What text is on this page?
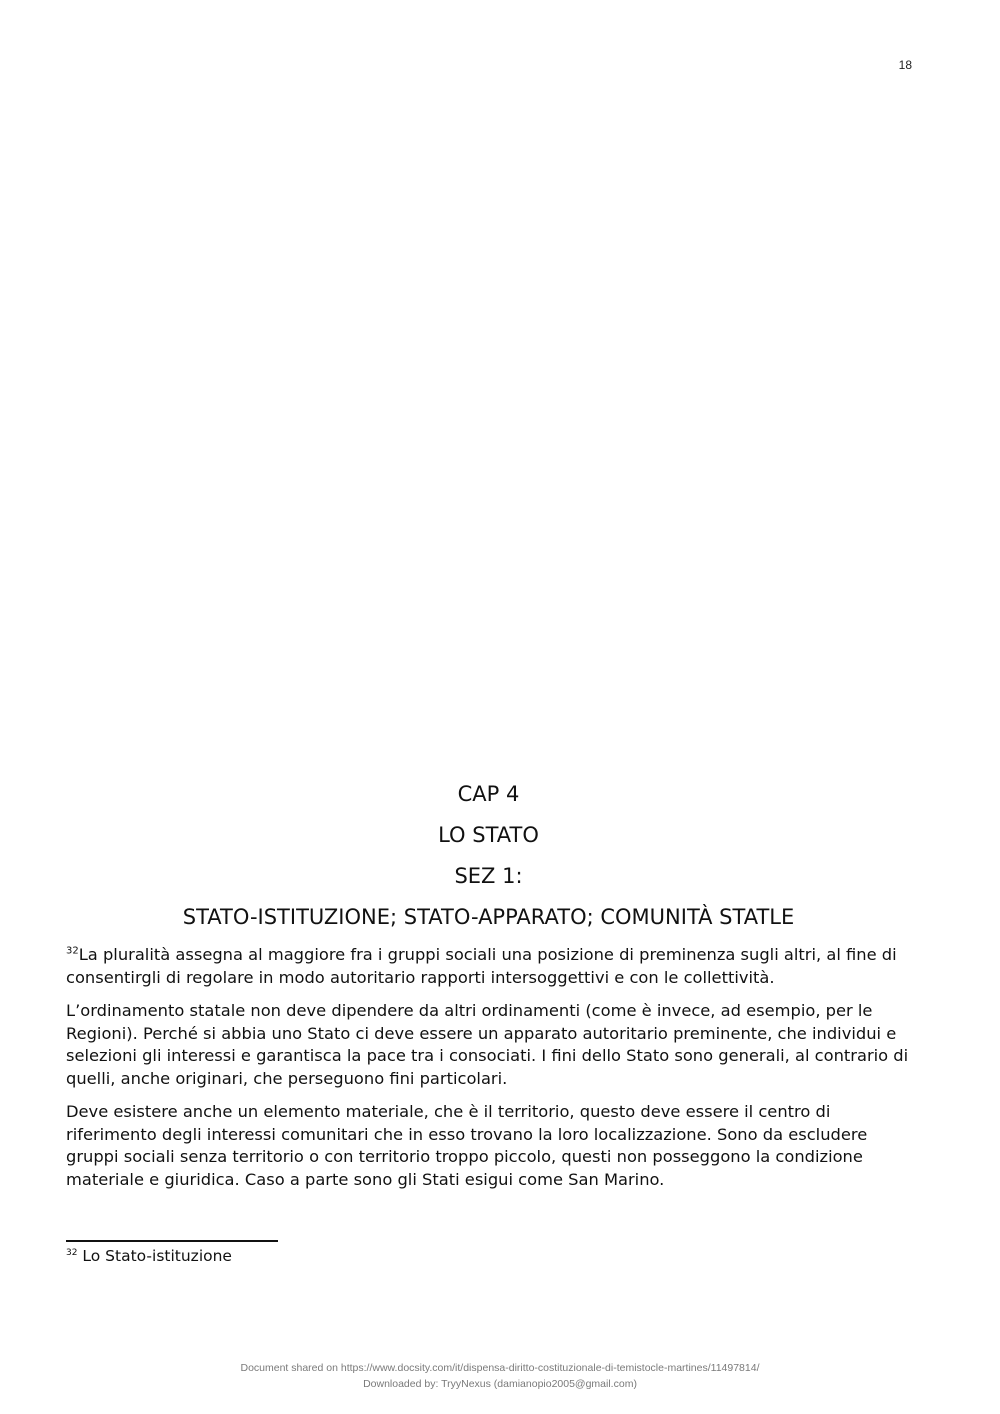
18
CAP 4
LO STATO
SEZ 1:
STATO-ISTITUZIONE; STATO-APPARATO; COMUNITÀ STATLE

$^{32}$La pluralità assegna al maggiore fra i gruppi sociali una posizione di preminenza sugli altri, al fine di consentirgli di regolare in modo autoritario rapporti intersoggettivi e con le collettività.

L’ordinamento statale non deve dipendere da altri ordinamenti (come è invece, ad esempio, per le Regioni). Perché si abbia uno Stato ci deve essere un apparato autoritario preminente, che individui e selezioni gli interessi e garantisca la pace tra i consociati. I fini dello Stato sono generali, al contrario di quelli, anche originari, che perseguono fini particolari.

Deve esistere anche un elemento materiale, che è il territorio, questo deve essere il centro di riferimento degli interessi comunitari che in esso trovano la loro localizzazione. Sono da escludere gruppi sociali senza territorio o con territorio troppo piccolo, questi non posseggono la condizione materiale e giuridica. Caso a parte sono gli Stati esigui come San Marino.

$^{32}$ Lo Stato-istituzione
Document shared on https://www.docsity.com/it/dispensa-diritto-costituzionale-di-temistocle-martines/11497814/
Downloaded by: TryyNexus (damianopio2005@gmail.com)
